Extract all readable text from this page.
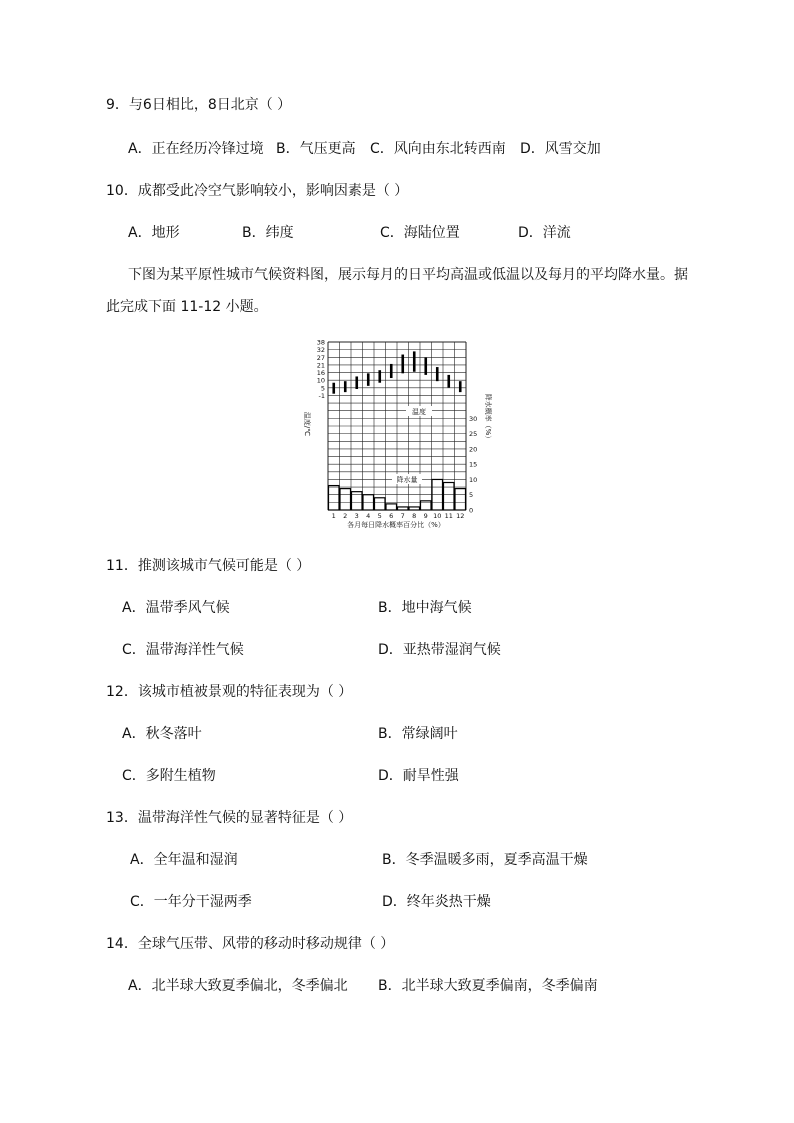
9．与6日相比，8日北京（ ）
A．正在经历冷锋过境 B．气压更高 C．风向由东北转西南 D．风雪交加
10．成都受此冷空气影响较小，影响因素是（ ）
A．地形	B．纬度	C．海陆位置	D．洋流
下图为某平原性城市气候资料图，展示每月的日平均高温或低温以及每月的平均降水量。据
此完成下面 11-12 小题。
38
32
27
21
16
10
5
-1
30
25
20
15
10
5
0
1 2 3 4 5 6 7 8 9 10 11 12
温度
降水量
温度/℃	降水概率（%）
各月每日降水概率百分比（%）
11．推测该城市气候可能是（ ）
A．温带季风气候	B．地中海气候
C．温带海洋性气候	D．亚热带湿润气候
12．该城市植被景观的特征表现为（ ）
A．秋冬落叶	B．常绿阔叶
C．多附生植物	D．耐旱性强
13．温带海洋性气候的显著特征是（ ）
A．全年温和湿润	B．冬季温暖多雨，夏季高温干燥
C．一年分干湿两季	D．终年炎热干燥
14．全球气压带、风带的移动时移动规律（ ）
A．北半球大致夏季偏北，冬季偏北 B．北半球大致夏季偏南，冬季偏南
